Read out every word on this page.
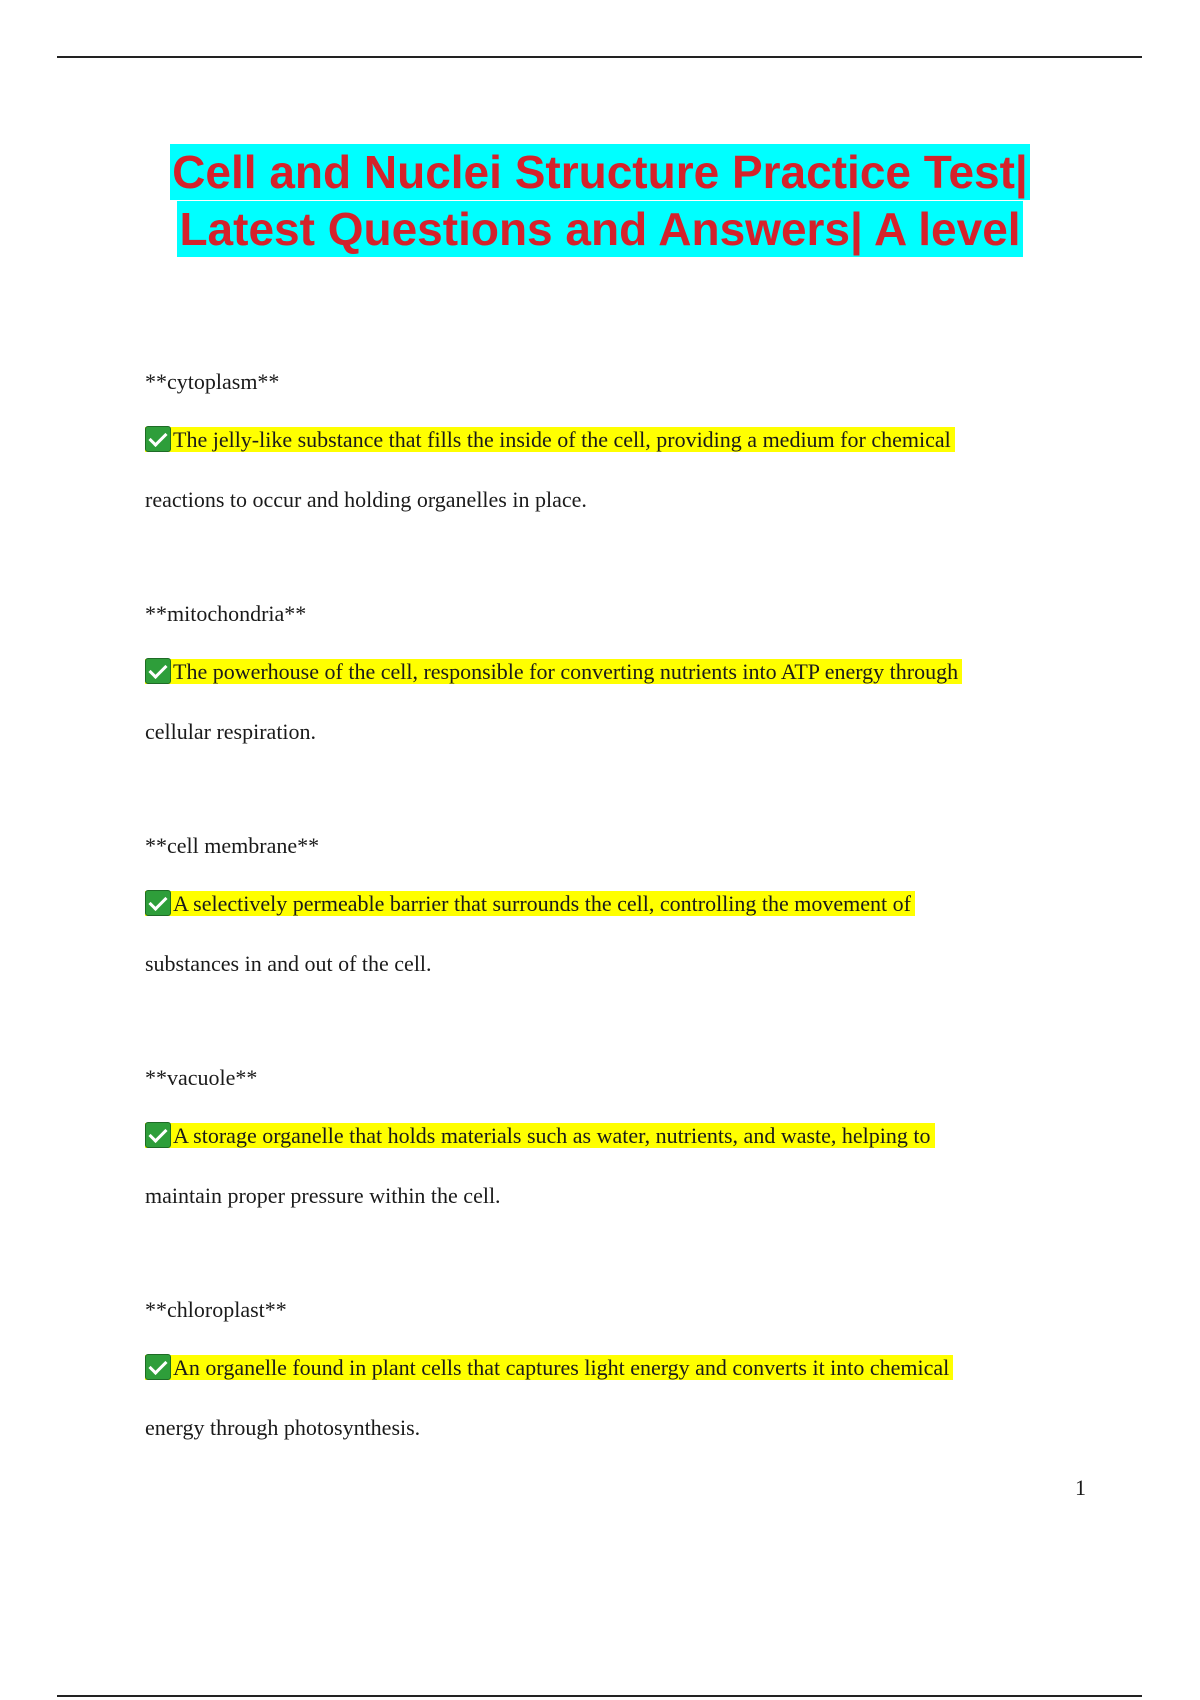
Cell and Nuclei Structure Practice Test|
Latest Questions and Answers| A level
**cytoplasm**
The jelly-like substance that fills the inside of the cell, providing a medium for chemical
reactions to occur and holding organelles in place.
**mitochondria**
The powerhouse of the cell, responsible for converting nutrients into ATP energy through
cellular respiration.
**cell membrane**
A selectively permeable barrier that surrounds the cell, controlling the movement of
substances in and out of the cell.
**vacuole**
A storage organelle that holds materials such as water, nutrients, and waste, helping to
maintain proper pressure within the cell.
**chloroplast**
An organelle found in plant cells that captures light energy and converts it into chemical
energy through photosynthesis.
1
